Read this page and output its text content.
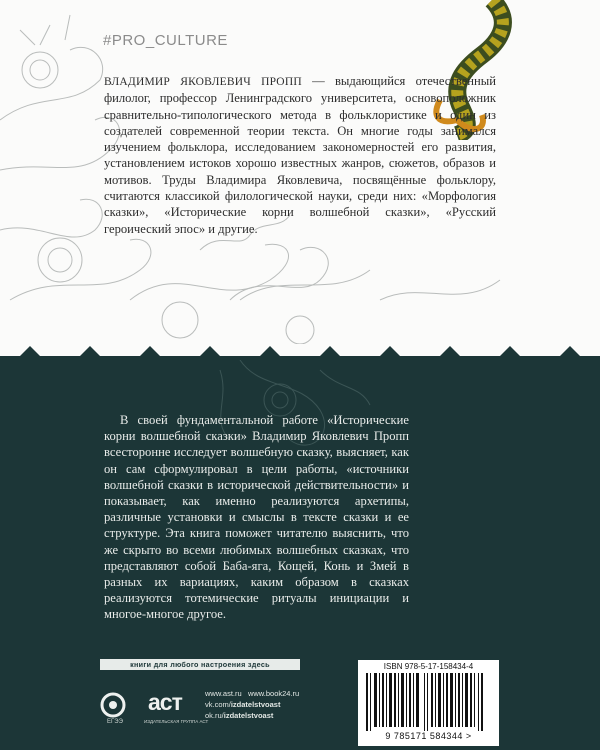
#PRO_CULTURE
ВЛАДИМИР ЯКОВЛЕВИЧ ПРОПП — выдающийся отечественный филолог, профессор Ленинградского университета, основоположник сравнительно-типологического метода в фольклористике и один из создателей современной теории текста. Он многие годы занимался изучением фольклора, исследованием закономерностей его развития, установлением истоков хорошо известных жанров, сюжетов, образов и мотивов. Труды Владимира Яковлевича, посвящённые фольклору, считаются классикой филологической науки, среди них: «Морфология сказки», «Исторические корни волшебной сказки», «Русский героический эпос» и другие.
В своей фундаментальной работе «Исторические корни волшебной сказки» Владимир Яковлевич Пропп всесторонне исследует волшебную сказку, выясняет, как он сам сформулировал в цели работы, «источники волшебной сказки в исторической действительности» и показывает, как именно реализуются архетипы, различные установки и смыслы в тексте сказки и ее структуре. Эта книга поможет читателю выяснить, что же скрыто во всеми любимых волшебных сказках, что представляют собой Баба-яга, Кощей, Конь и Змей в разных их вариациях, каким образом в сказках реализуются тотемические ритуалы инициации и многое-многое другое.
книги для любого настроения здесь
ЕГЭЭ
аст
ИЗДАТЕЛЬСКАЯ ГРУППА АСТ
www.ast.ru www.book24.ru
vk.com/izdatelstvoast
ok.ru/izdatelstvoast
ISBN 978-5-17-158434-4
9 785171 584344 >
